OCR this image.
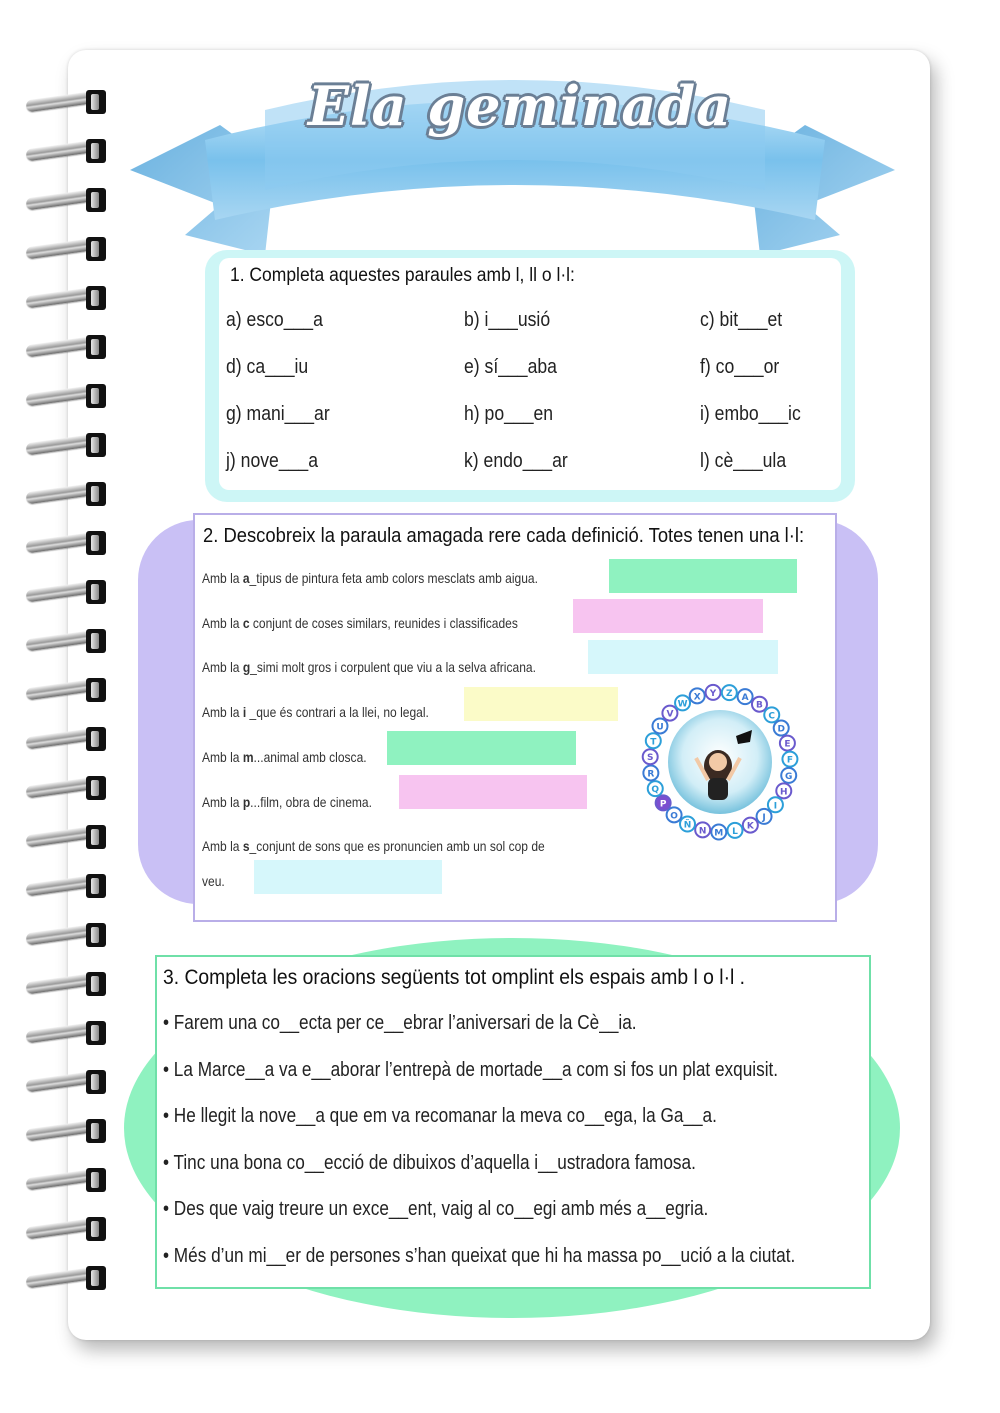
Ela geminada
1. Completa aquestes paraules amb l, ll o l·l:
a) esco___a	b) i___usió	c) bit___et
d) ca___iu	e) sí___aba	f) co___or
g) mani___ar	h) po___en	i) embo___ic
j) nove___a	k) endo___ar	l) cè___ula
2. Descobreix la paraula amagada rere cada definició. Totes tenen una l·l:
Amb la a_tipus de pintura feta amb colors mesclats amb aigua.
Amb la c conjunt de coses similars, reunides i classificades
Amb la g_simi molt gros i corpulent que viu a la selva africana.
Amb la i _que és contrari a la llei, no legal.
Amb la m...animal amb closca.
Amb la p...film, obra de cinema.
Amb la s_conjunt de sons que es pronuncien amb un sol cop de
veu.
A
B
C
D
E
F
G
H
I
J
K
L
M
N
Ñ
O
P
Q
R
S
T
U
V
W
X Y Z
3. Completa les oracions següents tot omplint els espais amb l o l·l .
• Farem una co__ecta per ce__ebrar l’aniversari de la Cè__ia.
• La Marce__a va e__aborar l’entrepà de mortade__a com si fos un plat exquisit.
• He llegit la nove__a que em va recomanar la meva co__ega, la Ga__a.
• Tinc una bona co__ecció de dibuixos d’aquella i__ustradora famosa.
• Des que vaig treure un exce__ent, vaig al co__egi amb més a__egria.
• Més d’un mi__er de persones s’han queixat que hi ha massa po__ució a la ciutat.
